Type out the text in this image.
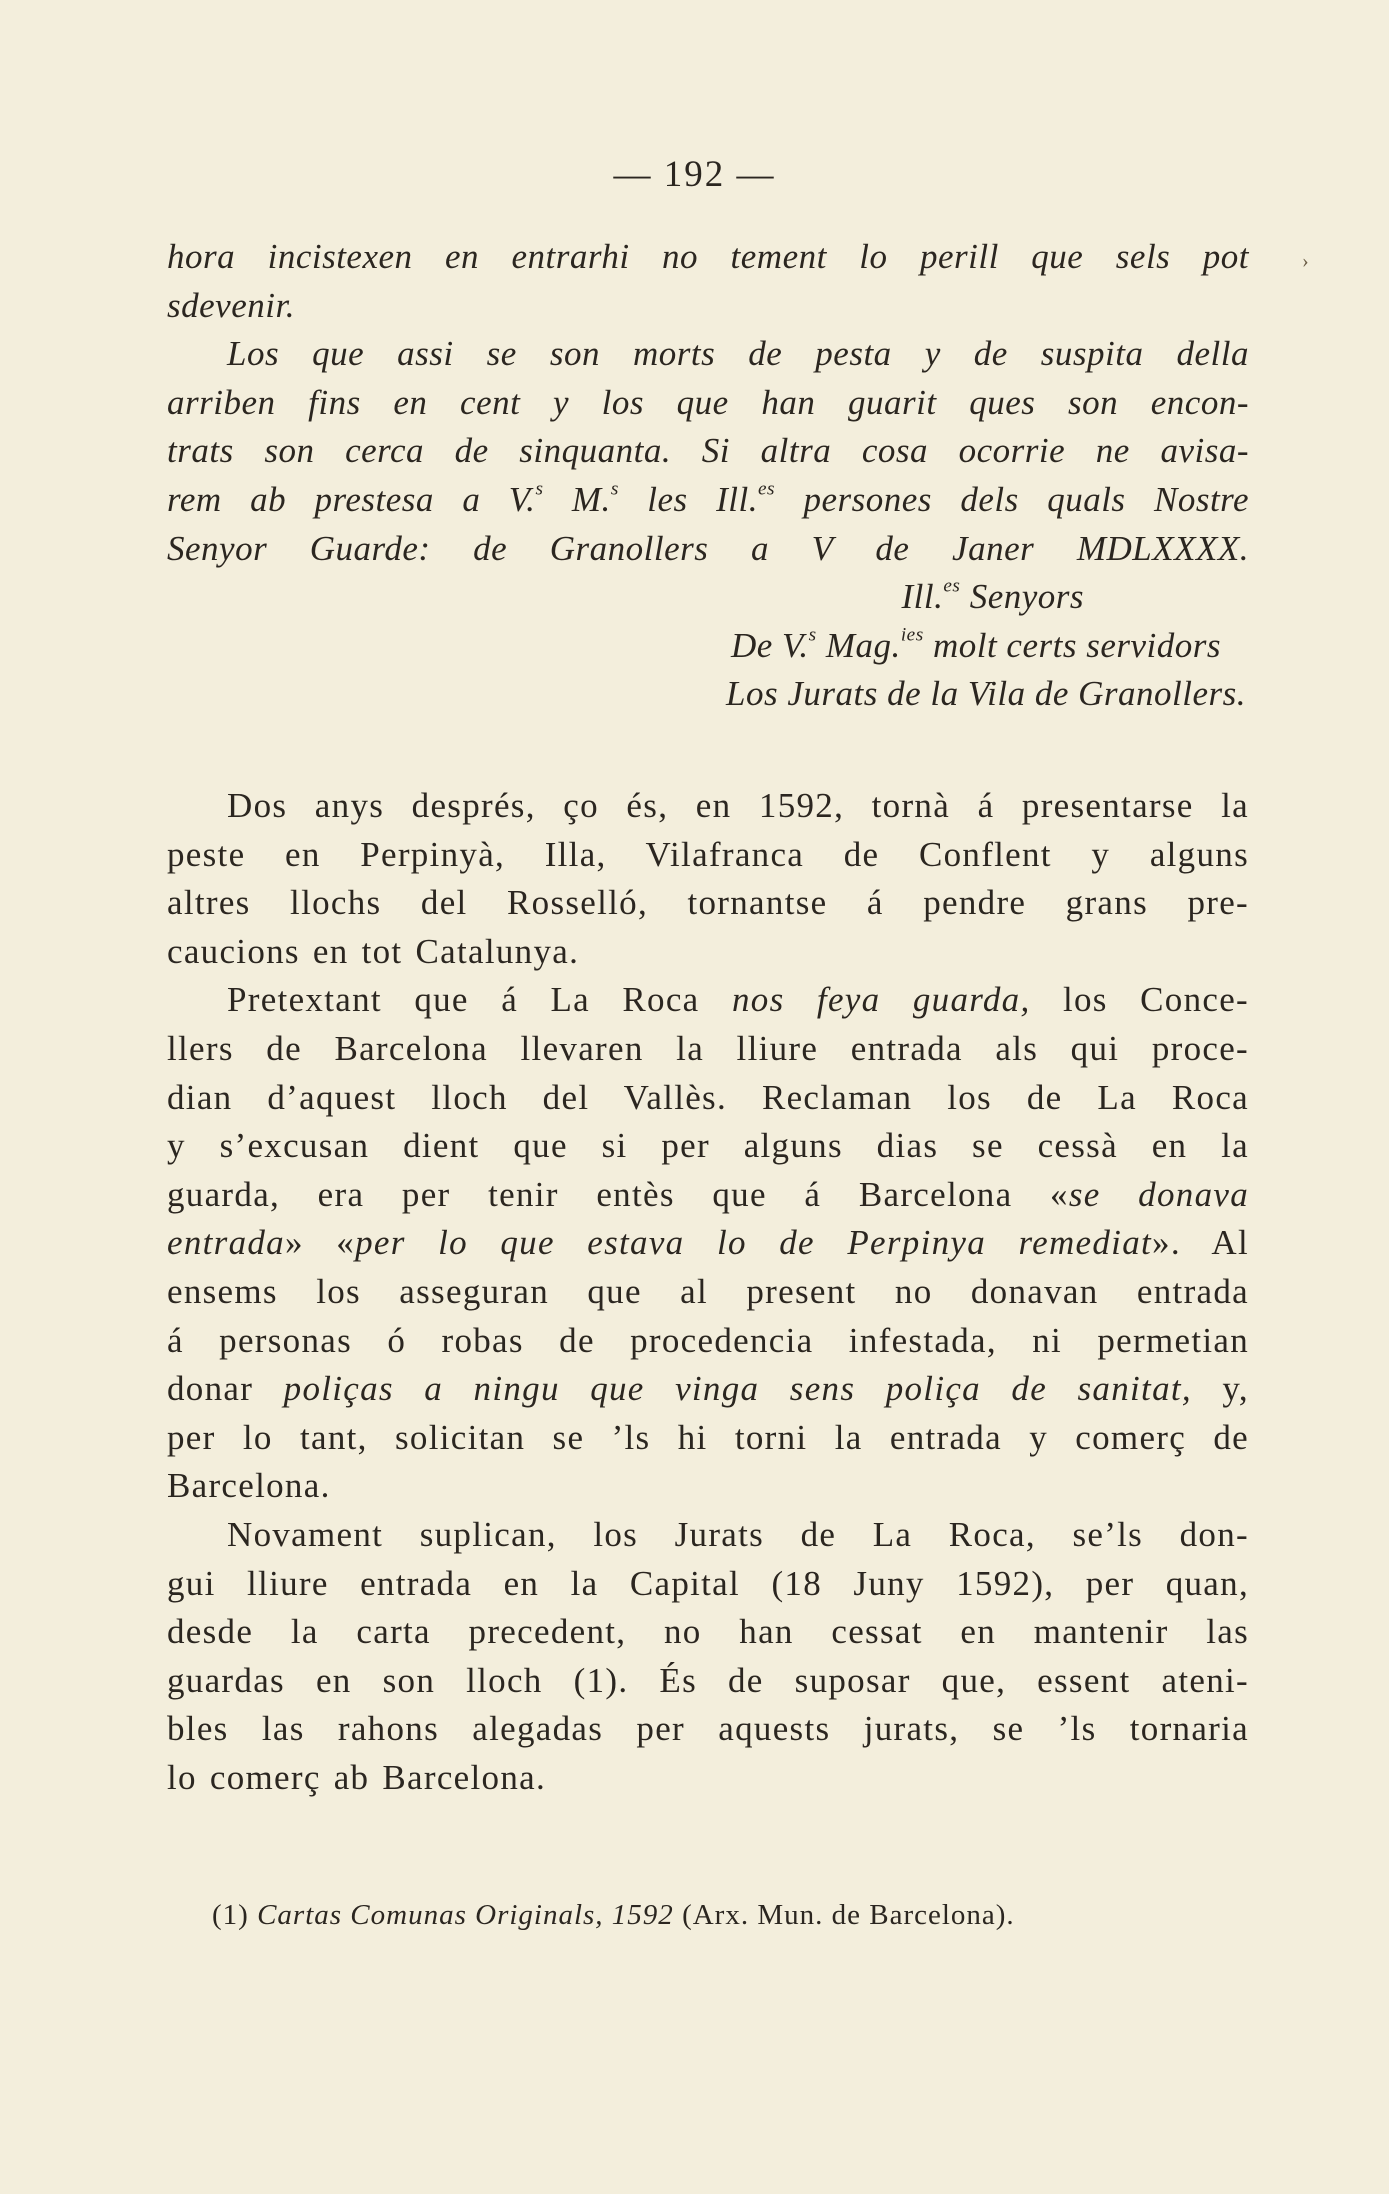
— 192 —
›
hora incistexen en entrarhi no tement lo perill que sels pot
sdevenir.
Los que assi se son morts de pesta y de suspita della
arriben fins en cent y los que han guarit ques son encon-
trats son cerca de sinquanta. Si altra cosa ocorrie ne avisa-
rem ab prestesa a V.$^s$ M.$^s$ les Ill.$^{es}$ persones dels quals Nostre
Senyor Guarde: de Granollers a V de Janer MDLXXXX.
Ill.$^{es}$ Senyors
De V.$^s$ Mag.$^{ies}$ molt certs servidors
Los Jurats de la Vila de Granollers.
Dos anys després, ço és, en 1592, tornà á presentarse la
peste en Perpinyà, Illa, Vilafranca de Conflent y alguns
altres llochs del Rosselló, tornantse á pendre grans pre-
caucions en tot Catalunya.
Pretextant que á La Roca nos feya guarda, los Conce-
llers de Barcelona llevaren la lliure entrada als qui proce-
dian d’aquest lloch del Vallès. Reclaman los de La Roca
y s’excusan dient que si per alguns dias se cessà en la
guarda, era per tenir entès que á Barcelona «se donava
entrada» «per lo que estava lo de Perpinya remediat». Al
ensems los asseguran que al present no donavan entrada
á personas ó robas de procedencia infestada, ni permetian
donar poliças a ningu que vinga sens poliça de sanitat, y,
per lo tant, solicitan se ’ls hi torni la entrada y comerç de
Barcelona.
Novament suplican, los Jurats de La Roca, se’ls don-
gui lliure entrada en la Capital (18 Juny 1592), per quan,
desde la carta precedent, no han cessat en mantenir las
guardas en son lloch (1). És de suposar que, essent ateni-
bles las rahons alegadas per aquests jurats, se ’ls tornaria
lo comerç ab Barcelona.
(1) Cartas Comunas Originals, 1592 (Arx. Mun. de Barcelona).
